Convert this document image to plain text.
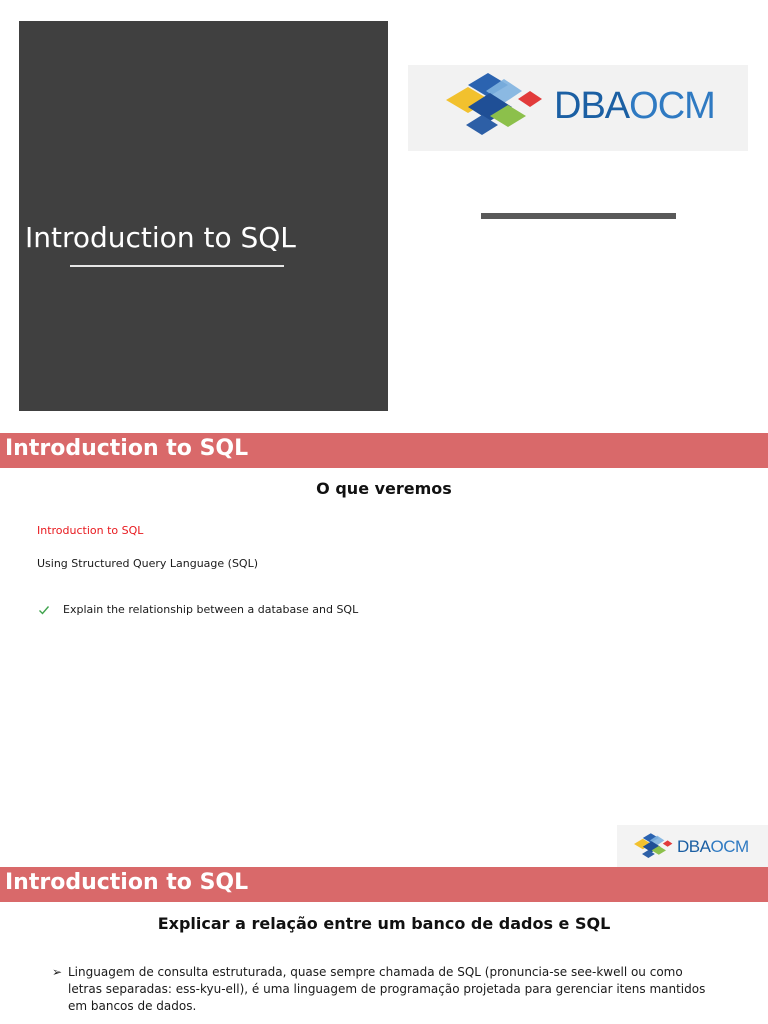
Introduction to SQL
DBAOCM
Introduction to SQL
O que veremos
Introduction to SQL
Using Structured Query Language (SQL)
Explain the relationship between a database and SQL
DBAOCM
Introduction to SQL
Explicar a relação entre um banco de dados e SQL
➢ Linguagem de consulta estruturada, quase sempre chamada de SQL (pronuncia-se see-kwell ou como letras separadas: ess-kyu-ell), é uma linguagem de programação projetada para gerenciar itens mantidos em bancos de dados.
